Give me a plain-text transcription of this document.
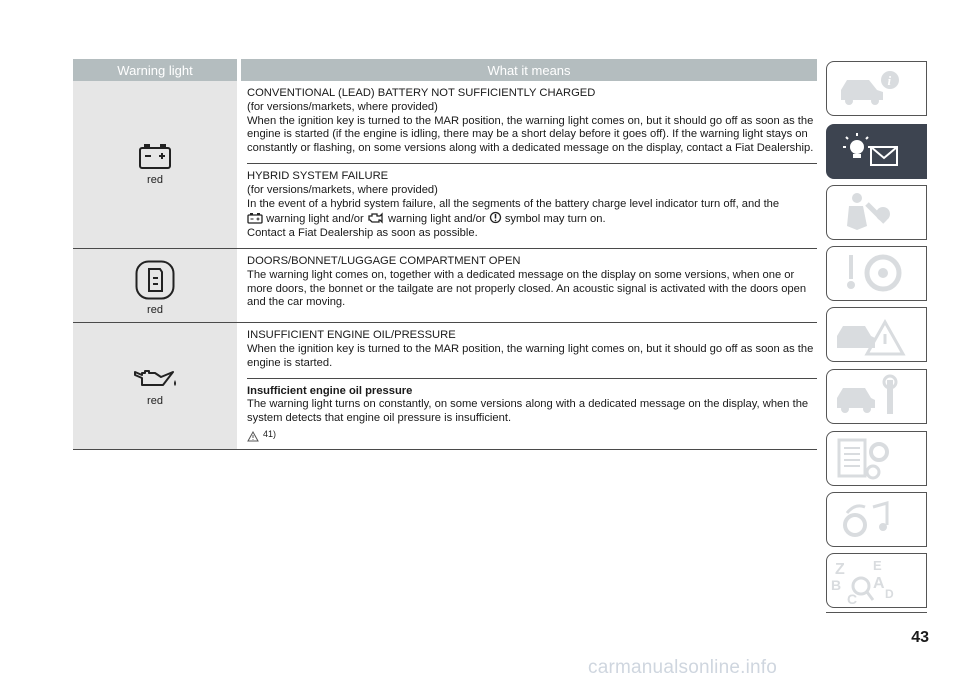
Warning light	What it means
red
CONVENTIONAL (LEAD) BATTERY NOT SUFFICIENTLY CHARGED
(for versions/markets, where provided)
When the ignition key is turned to the MAR position, the warning light comes on, but it should go off as soon as the engine is started (if the engine is idling, there may be a short delay before it goes off). If the warning light stays on constantly or flashing, on some versions along with a dedicated message on the display, contact a Fiat Dealership.
HYBRID SYSTEM FAILURE
(for versions/markets, where provided)
In the event of a hybrid system failure, all the segments of the battery charge level indicator turn off, and the
warning light and/or warning light and/or symbol may turn on.
Contact a Fiat Dealership as soon as possible.
red
DOORS/BONNET/LUGGAGE COMPARTMENT OPEN
The warning light comes on, together with a dedicated message on the display on some versions, when one or more doors, the bonnet or the tailgate are not properly closed. An acoustic signal is activated with the doors open and the car moving.
red
INSUFFICIENT ENGINE OIL/PRESSURE
When the ignition key is turned to the MAR position, the warning light comes on, but it should go off as soon as the engine is started.
Insufficient engine oil pressure
The warning light turns on constantly, on some versions along with a dedicated message on the display, when the system detects that engine oil pressure is insufficient.
41)
i
Z E
B A
C D
43
carmanualsonline.info
